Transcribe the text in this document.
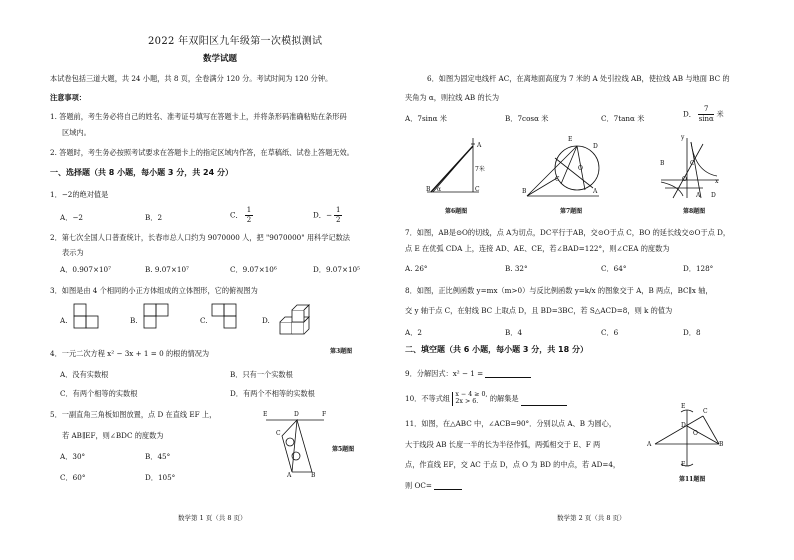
2022 年双阳区九年级第一次模拟测试
数学试题
本试卷包括三道大题，共 24 小题，共 8 页，全卷满分 120 分。考试时间为 120 分钟。
注意事项：
1. 答题前，考生务必将自己的姓名、准考证号填写在答题卡上，并将条形码准确粘贴在条形码
区域内。
2. 答题时，考生务必按照考试要求在答题卡上的指定区域内作答，在草稿纸、试卷上答题无效。
一、选择题（共 8 小题，每小题 3 分，共 24 分）
1．−2的绝对值是
A．−2	B．2	C． $\frac{1}{2}$	D．− $\frac{1}{2}$
2．第七次全国人口普查统计，长春市总人口约为 9070000 人，把 "9070000" 用科学记数法
表示为
A．0.907×10⁷	B. 9.07×10⁷	C．9.07×10⁶	D．9.07×10⁵
3．如图是由 4 个相同的小正方体组成的立体图形，它的俯视图为
A.	B.	C.	D.
第3题图
4．一元二次方程 x² − 3x + 1 = 0 的根的情况为
A．没有实数根	B．只有一个实数根
C．有两个相等的实数根	D．有两个不相等的实数根
5．一副直角三角板如图放置，点 D 在直线 EF 上，
若 AB∥EF，则∠BDC 的度数为
A．30°	B．45°
C．60°	D．105°
E	D	F
C
A	B
第5题图
数学第 1 页（共 8 页）
6．如图为固定电线杆 AC，在离地面高度为 7 米的 A 处引拉线 AB，使拉线 AB 与地面 BC 的
夹角为 α，则拉线 AB 的长为
A．7sinα 米	B．7cosα 米	C．7tanα 米	D． $\frac{7}{\sin\alpha}$ 米
A
B	C
α
7米
第6题图
E
D
O
B
C
A
第7题图
y
B	C
O	x
A D
第8题图
7．如图，AB是⊙O的切线，点 A为切点，DC平行于AB，交⊙O于点 C，BO 的延长线交⊙O于点 D，
点 E 在优弧 CDA 上，连接 AD、AE、CE，若∠BAD=122°，则∠CEA 的度数为
A. 26°	B. 32°	C．64°	D．128°
8．如图，正比例函数 y=mx（m>0）与反比例函数 y=k/x 的图象交于 A，B 两点，BC∥x 轴，
交 y 轴于点 C，在射线 BC 上取点 D，且 BD=3BC，若 S△ACD=8，则 k 的值为
A．2	B．4	C．6	D．8
二、填空题（共 6 小题，每小题 3 分，共 18 分）
9．分解因式：x² − 1 =
10．不等式组 x − 4 ≥ 0,
2x > 6.	的解集是
11．如图，在△ABC 中，∠ACB=90°．分别以点 A、B 为圆心，
大于线段 AB 长度一半的长为半径作弧，两弧相交于 E、F 两
点，作直线 EF，交 AC 于点 D，点 O 为 BD 的中点，若 AD=4，
则 OC=
E
C
D
O
A	B
F
第11题图
数学第 2 页（共 8 页）
